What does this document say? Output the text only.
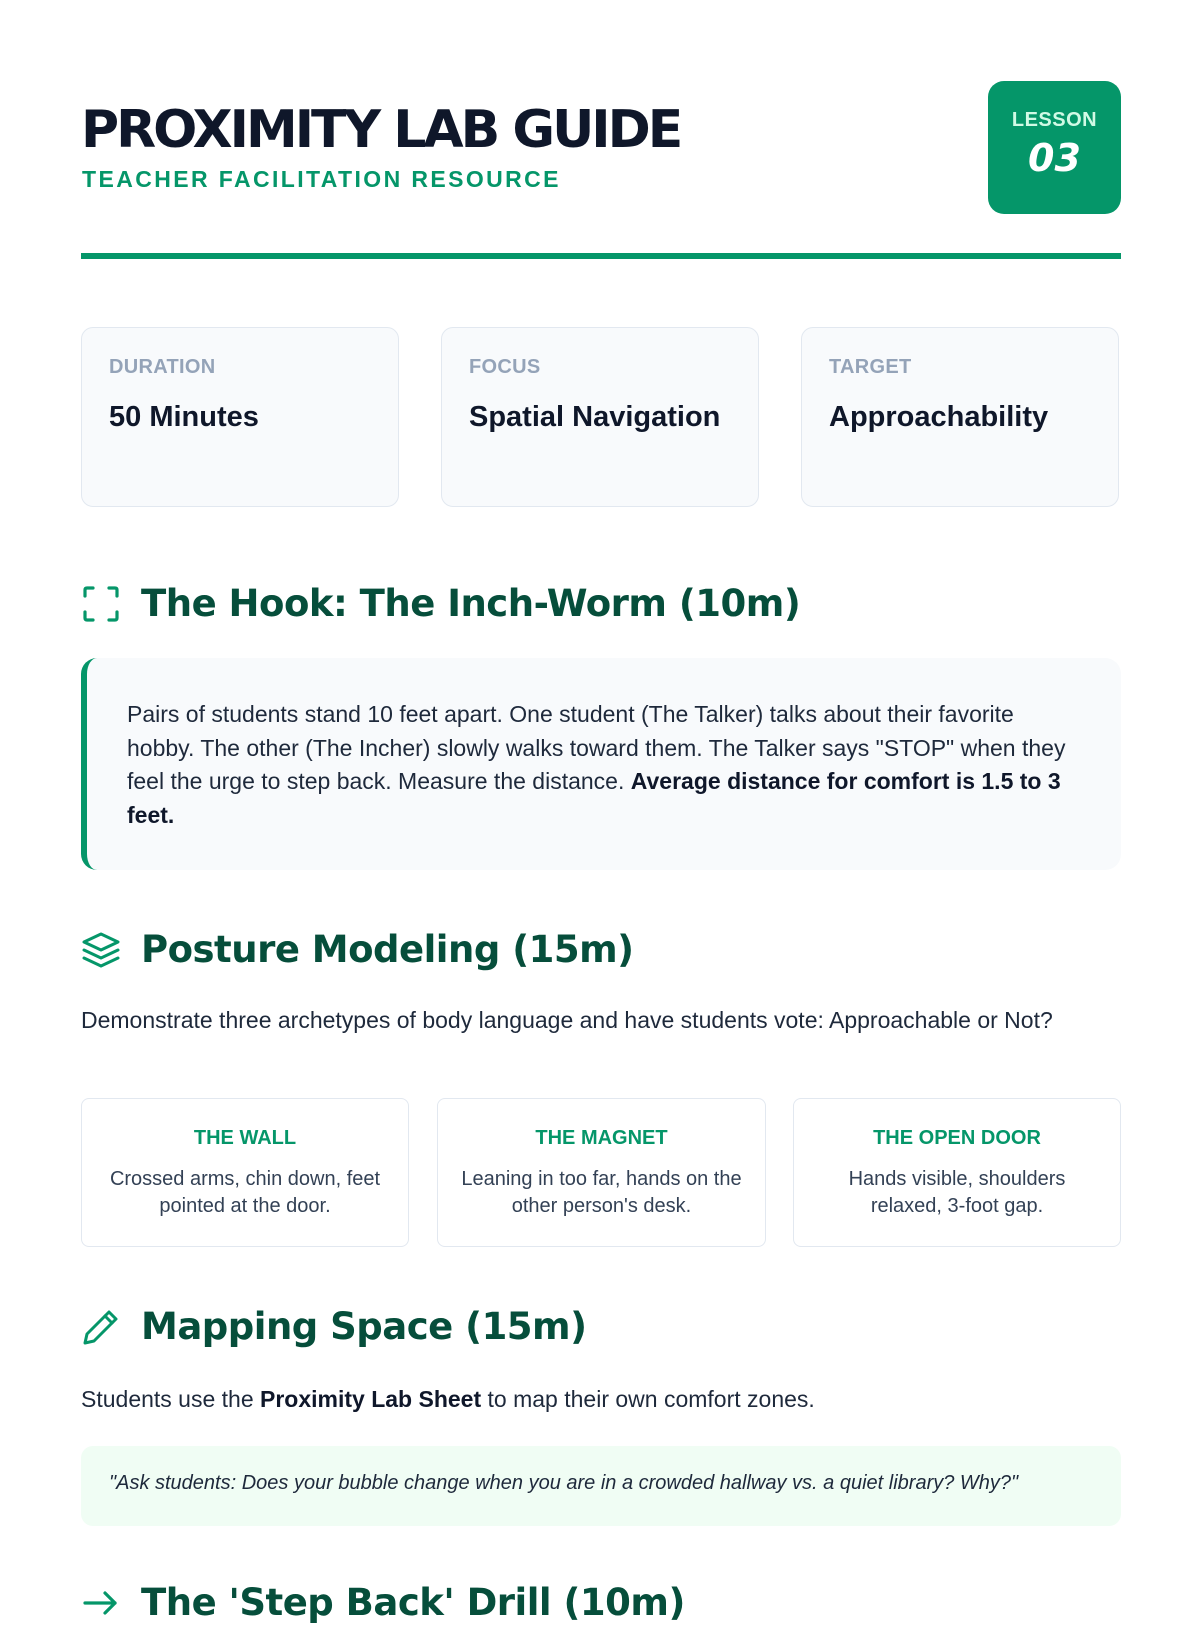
PROXIMITY LAB GUIDE
TEACHER FACILITATION RESOURCE
LESSON
03
DURATION
50 Minutes
FOCUS
Spatial Navigation
TARGET
Approachability
The Hook: The Inch-Worm (10m)
Pairs of students stand 10 feet apart. One student (The Talker) talks about their favorite hobby. The other (The Incher) slowly walks toward them. The Talker says "STOP" when they feel the urge to step back. Measure the distance. Average distance for comfort is 1.5 to 3 feet.
Posture Modeling (15m)
Demonstrate three archetypes of body language and have students vote: Approachable or Not?
THE WALL
Crossed arms, chin down, feet pointed at the door.
THE MAGNET
Leaning in too far, hands on the other person's desk.
THE OPEN DOOR
Hands visible, shoulders relaxed, 3-foot gap.
Mapping Space (15m)
Students use the Proximity Lab Sheet to map their own comfort zones.
"Ask students: Does your bubble change when you are in a crowded hallway vs. a quiet library? Why?"
The 'Step Back' Drill (10m)
